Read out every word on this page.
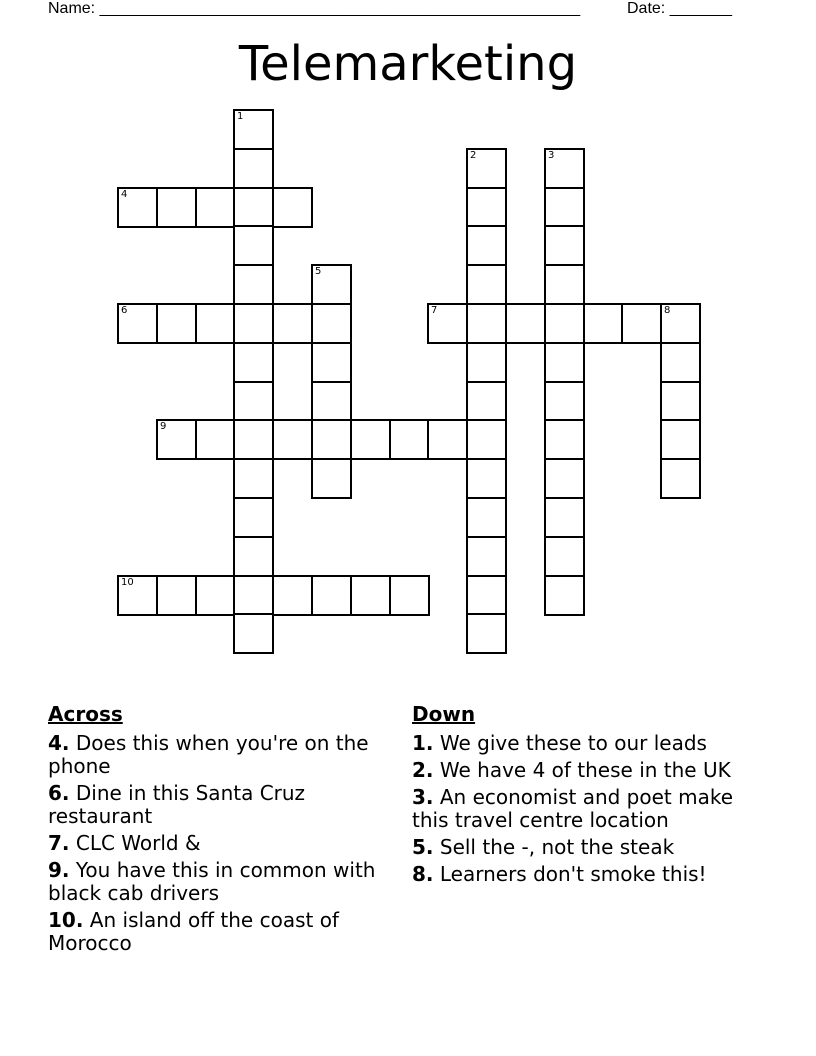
Name: ______________________________________________________	Date: _______
Telemarketing
1
2	3
4
5
6	7	8
9
10
Across
4. Does this when you're on the phone
6. Dine in this Santa Cruz restaurant
7. CLC World &
9. You have this in common with black cab drivers
10. An island off the coast of Morocco
Down
1. We give these to our leads
2. We have 4 of these in the UK
3. An economist and poet make this travel centre location
5. Sell the -, not the steak
8. Learners don't smoke this!
